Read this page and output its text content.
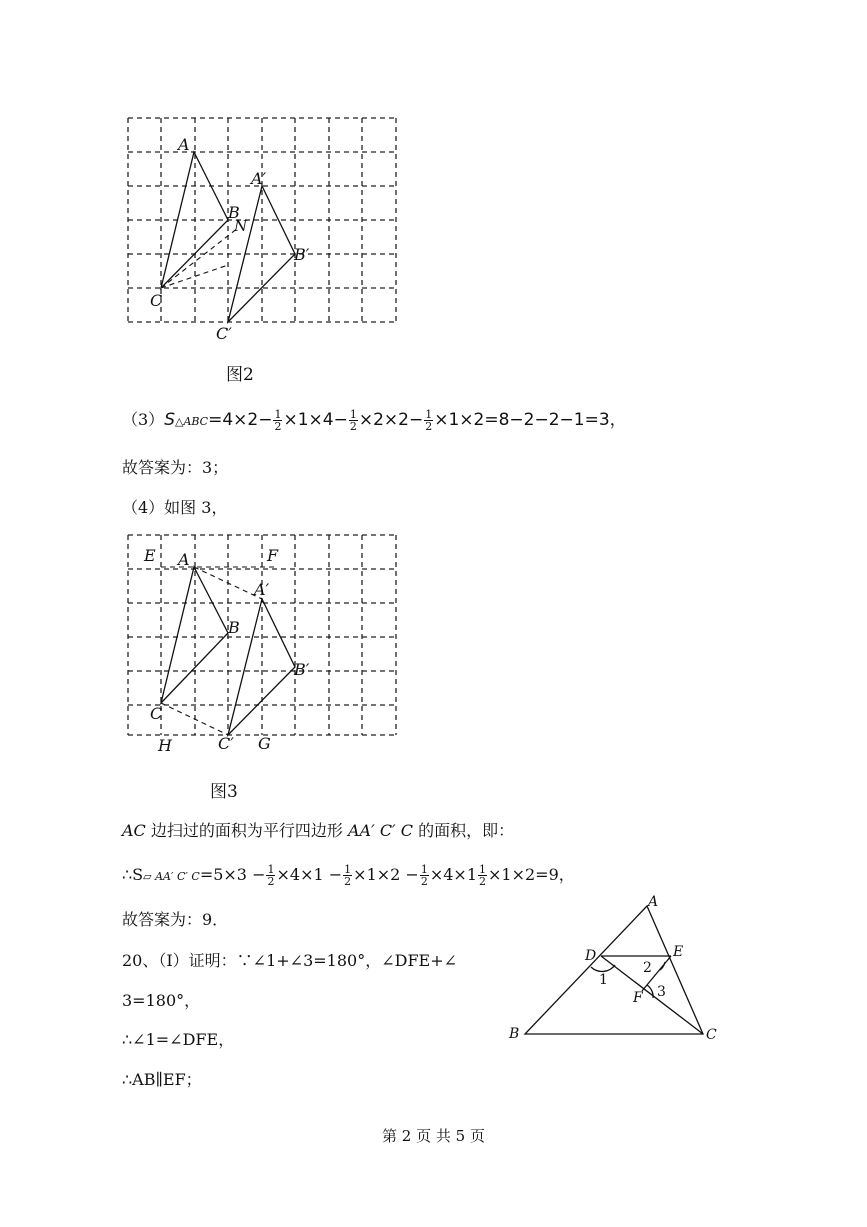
A
B
N
C
A′
B′
C′
图2
（3）S△ABC=4×2− $\frac{1}{2} \times 1\times 4- \frac{1}{2} \times 2\times 2- \frac{1}{2} \times 1\times 2=8-2-2-1=3$，
故答案为：3；
（4）如图 3，
E A	F
A′
B
B′
C
C′
H	G
图3
AC 边扫过的面积为平行四边形 AA′ C′ C 的面积，即：
∴S▱ AA′ C′ $C=5\times 3 - \frac{1}{2} \times 4\times 1 - \frac{1}{2} \times 1\times 2 - \frac{1}{2} \times 4\times 1 \frac{1}{2} \times 1\times 2=9$，
故答案为：9．
20、（Ⅰ）证明：∵∠1+∠3=180°，∠DFE+∠
3=180°，
∴∠1=∠DFE，
∴AB∥EF；
A
D	E
F
B	C
1
2
3
第 2 页 共 5 页
